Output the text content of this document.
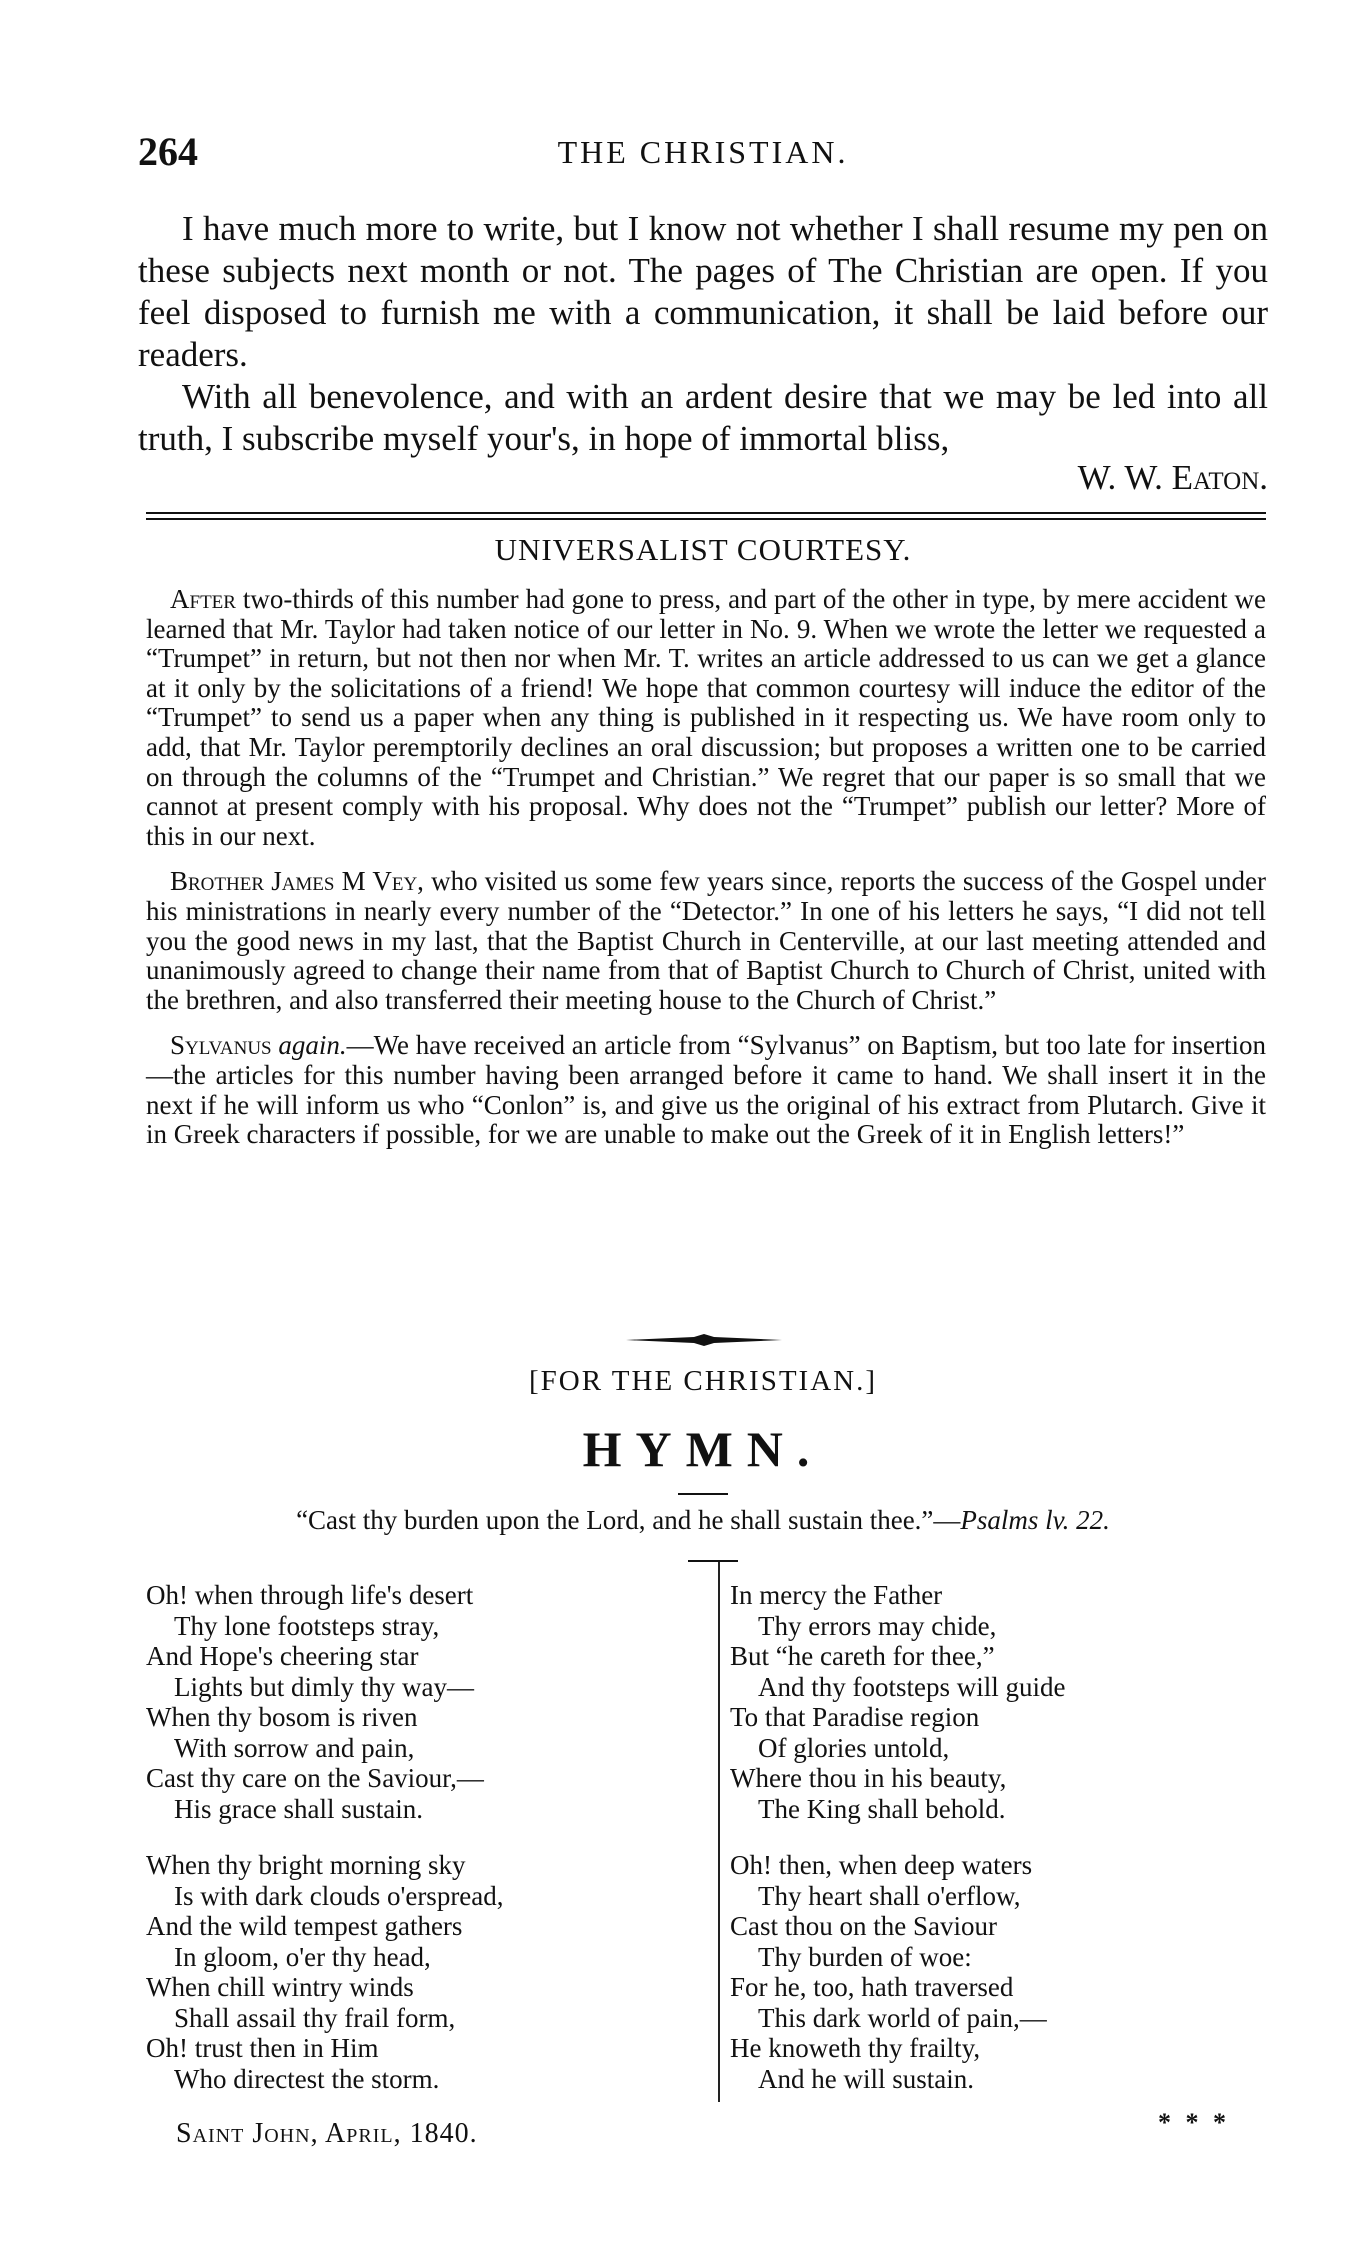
264	THE CHRISTIAN.

I have much more to write, but I know not whether I shall resume my pen on these subjects next month or not. The pages of The Christian are open. If you feel disposed to furnish me with a communication, it shall be laid before our readers.

With all benevolence, and with an ardent desire that we may be led into all truth, I subscribe myself your's, in hope of immortal bliss,

W. W. Eaton.
UNIVERSALIST COURTESY.

After two-thirds of this number had gone to press, and part of the other in type, by mere accident we learned that Mr. Taylor had taken notice of our letter in No. 9. When we wrote the letter we requested a “Trumpet” in return, but not then nor when Mr. T. writes an article addressed to us can we get a glance at it only by the solicitations of a friend! We hope that common courtesy will induce the editor of the “Trumpet” to send us a paper when any thing is published in it respecting us. We have room only to add, that Mr. Taylor peremptorily declines an oral discussion; but proposes a written one to be carried on through the columns of the “Trumpet and Christian.” We regret that our paper is so small that we cannot at present comply with his proposal. Why does not the “Trumpet” publish our letter? More of this in our next.

Brother James M Vey, who visited us some few years since, reports the success of the Gospel under his ministrations in nearly every number of the “Detector.” In one of his letters he says, “I did not tell you the good news in my last, that the Baptist Church in Centerville, at our last meeting attended and unanimously agreed to change their name from that of Baptist Church to Church of Christ, united with the brethren, and also transferred their meeting house to the Church of Christ.”

Sylvanus again.—We have received an article from “Sylvanus” on Baptism, but too late for insertion—the articles for this number having been arranged before it came to hand. We shall insert it in the next if he will inform us who “Conlon” is, and give us the original of his extract from Plutarch. Give it in Greek characters if possible, for we are unable to make out the Greek of it in English letters!”

[FOR THE CHRISTIAN.]
HYMN.
“Cast thy burden upon the Lord, and he shall sustain thee.”—Psalms lv. 22.
Oh! when through life's desert
Thy lone footsteps stray,
And Hope's cheering star
Lights but dimly thy way—
When thy bosom is riven
With sorrow and pain,
Cast thy care on the Saviour,—
His grace shall sustain.
When thy bright morning sky
Is with dark clouds o'erspread,
And the wild tempest gathers
In gloom, o'er thy head,
When chill wintry winds
Shall assail thy frail form,
Oh! trust then in Him
Who directest the storm.
In mercy the Father
Thy errors may chide,
But “he careth for thee,”
And thy footsteps will guide
To that Paradise region
Of glories untold,
Where thou in his beauty,
The King shall behold.
Oh! then, when deep waters
Thy heart shall o'erflow,
Cast thou on the Saviour
Thy burden of woe:
For he, too, hath traversed
This dark world of pain,—
He knoweth thy frailty,
And he will sustain.
Saint John, April, 1840.	* * *
